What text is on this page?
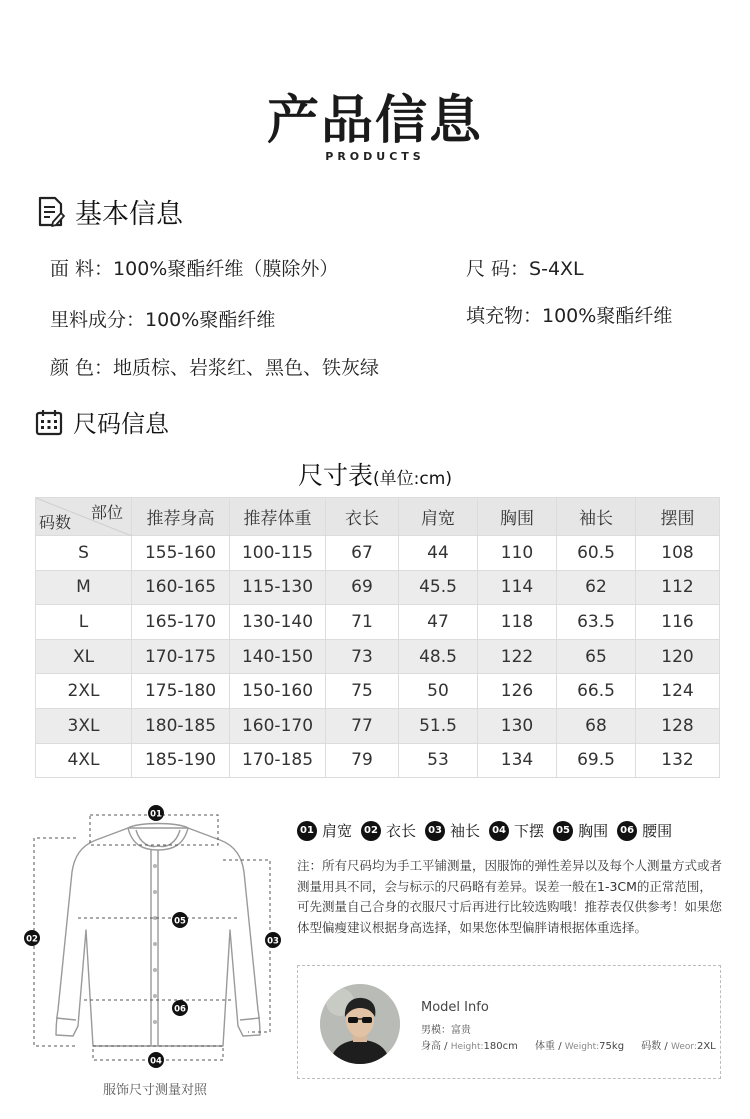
产品信息
PRODUCTS
基本信息
面 料：100%聚酯纤维（膜除外）	尺 码：S-4XL
里料成分：100%聚酯纤维	填充物：100%聚酯纤维
颜 色：地质棕、岩浆红、黑色、铁灰绿
尺码信息
尺寸表(单位:cm)
部位
码数	推荐身高	推荐体重	衣长	肩宽	胸围	袖长	摆围
S	155-160	100-115	67	44	110	60.5	108
M	160-165	115-130	69	45.5	114	62	112
L	165-170	130-140	71	47	118	63.5	116
XL	170-175	140-150	73	48.5	122	65	120
2XL	175-180	150-160	75	50	126	66.5	124
3XL	180-185	160-170	77	51.5	130	68	128
4XL	185-190	170-185	79	53	134	69.5	132
01
02	03
04
05
06
服饰尺寸测量对照
01 肩宽	02 衣长	03 袖长	04 下摆	05 胸围	06 腰围
注：所有尺码均为手工平铺测量，因服饰的弹性差异以及每个人测量方式或者测量用具不同，会与标示的尺码略有差异。误差一般在1-3CM的正常范围，可先测量自己合身的衣服尺寸后再进行比较选购哦！推荐表仅供参考！如果您体型偏瘦建议根据身高选择，如果您体型偏胖请根据体重选择。
Model Info
男模：富贵
身高 / Height:180cm 体重 / Weight:75kg 码数 / Weor:2XL
